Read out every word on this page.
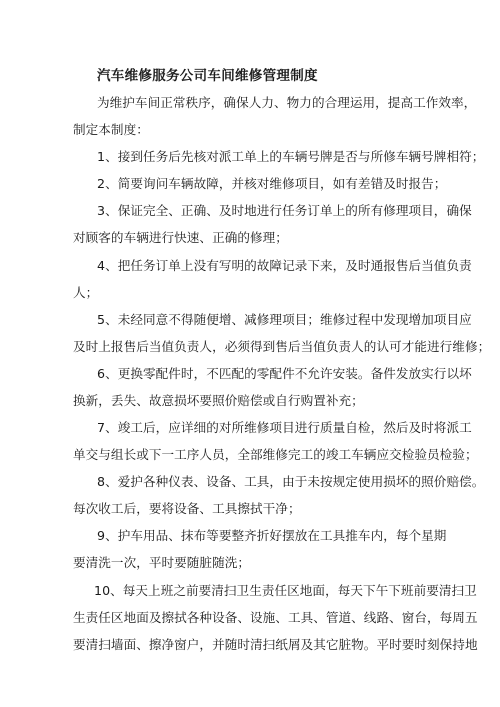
汽车维修服务公司车间维修管理制度
为维护车间正常秩序，确保人力、物力的合理运用，提高工作效率，
制定本制度：
1、接到任务后先核对派工单上的车辆号牌是否与所修车辆号牌相符；
2、简要询问车辆故障，并核对维修项目，如有差错及时报告；
3、保证完全、正确、及时地进行任务订单上的所有修理项目，确保
对顾客的车辆进行快速、正确的修理；
4、把任务订单上没有写明的故障记录下来，及时通报售后当值负责
人；
5、未经同意不得随便增、减修理项目；维修过程中发现增加项目应
及时上报售后当值负责人，必须得到售后当值负责人的认可才能进行维修；
6、更换零配件时，不匹配的零配件不允许安装。备件发放实行以坏
换新，丢失、故意损坏要照价赔偿或自行购置补充；
7、竣工后，应详细的对所维修项目进行质量自检，然后及时将派工
单交与组长或下一工序人员，全部维修完工的竣工车辆应交检验员检验；
8、爱护各种仪表、设备、工具，由于未按规定使用损坏的照价赔偿。
每次收工后，要将设备、工具擦拭干净；
9、护车用品、抹布等要整齐折好摆放在工具推车内，每个星期
要清洗一次，平时要随脏随洗；
10、每天上班之前要清扫卫生责任区地面，每天下午下班前要清扫卫
生责任区地面及擦拭各种设备、设施、工具、管道、线路、窗台，每周五
要清扫墙面、擦净窗户，并随时清扫纸屑及其它脏物。平时要时刻保持地
